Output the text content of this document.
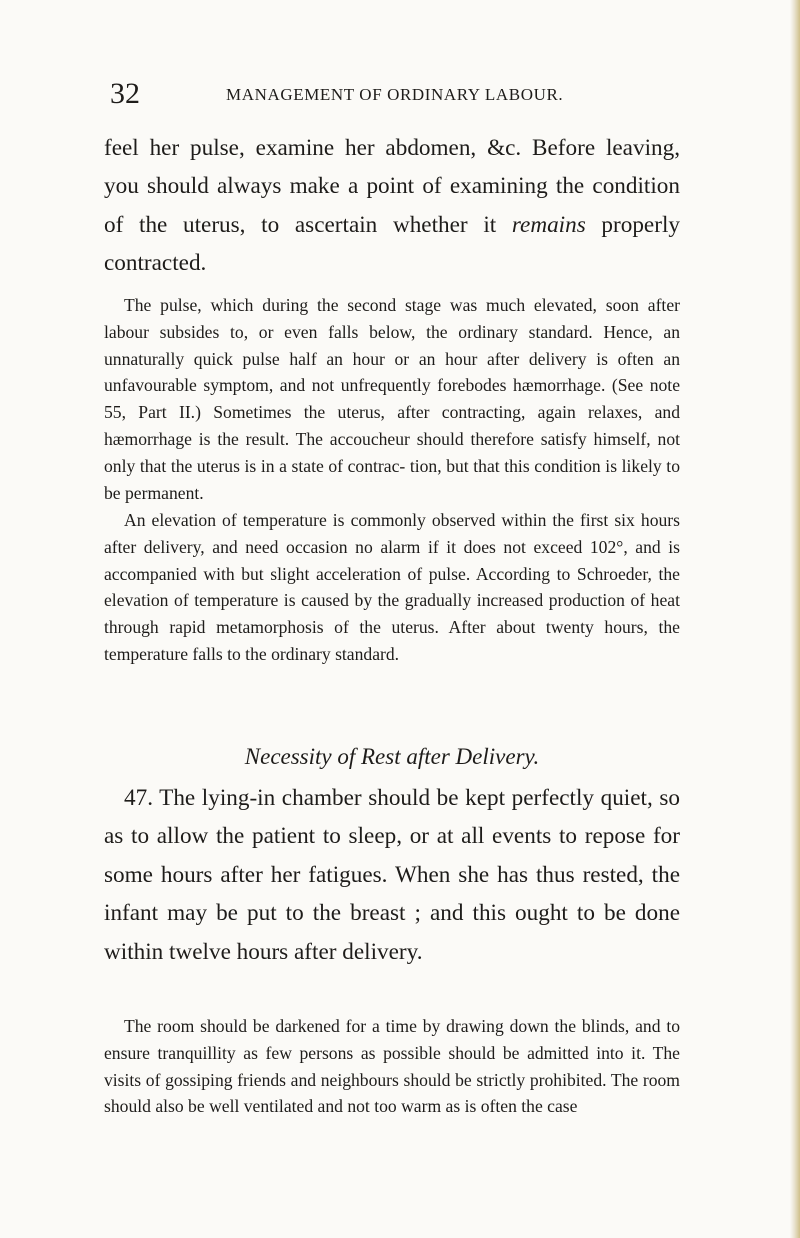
32	MANAGEMENT OF ORDINARY LABOUR.

feel her pulse, examine her abdomen, &c. Before leaving, you should always make a point of examining the condition of the uterus, to ascertain whether it remains properly contracted.

The pulse, which during the second stage was much elevated, soon after labour subsides to, or even falls below, the ordinary standard. Hence, an unnaturally quick pulse half an hour or an hour after delivery is often an unfavourable symptom, and not unfrequently forebodes hæmorrhage. (See note 55, Part II.) Sometimes the uterus, after contracting, again relaxes, and hæmorrhage is the result. The accoucheur should therefore satisfy himself, not only that the uterus is in a state of contrac- tion, but that this condition is likely to be permanent.

An elevation of temperature is commonly observed within the first six hours after delivery, and need occasion no alarm if it does not exceed 102°, and is accompanied with but slight acceleration of pulse. According to Schroeder, the elevation of temperature is caused by the gradually increased production of heat through rapid metamorphosis of the uterus. After about twenty hours, the temperature falls to the ordinary standard.

Necessity of Rest after Delivery.

47. The lying-in chamber should be kept perfectly quiet, so as to allow the patient to sleep, or at all events to repose for some hours after her fatigues. When she has thus rested, the infant may be put to the breast ; and this ought to be done within twelve hours after delivery.

The room should be darkened for a time by drawing down the blinds, and to ensure tranquillity as few persons as possible should be admitted into it. The visits of gossiping friends and neighbours should be strictly prohibited. The room should also be well ventilated and not too warm as is often the case
